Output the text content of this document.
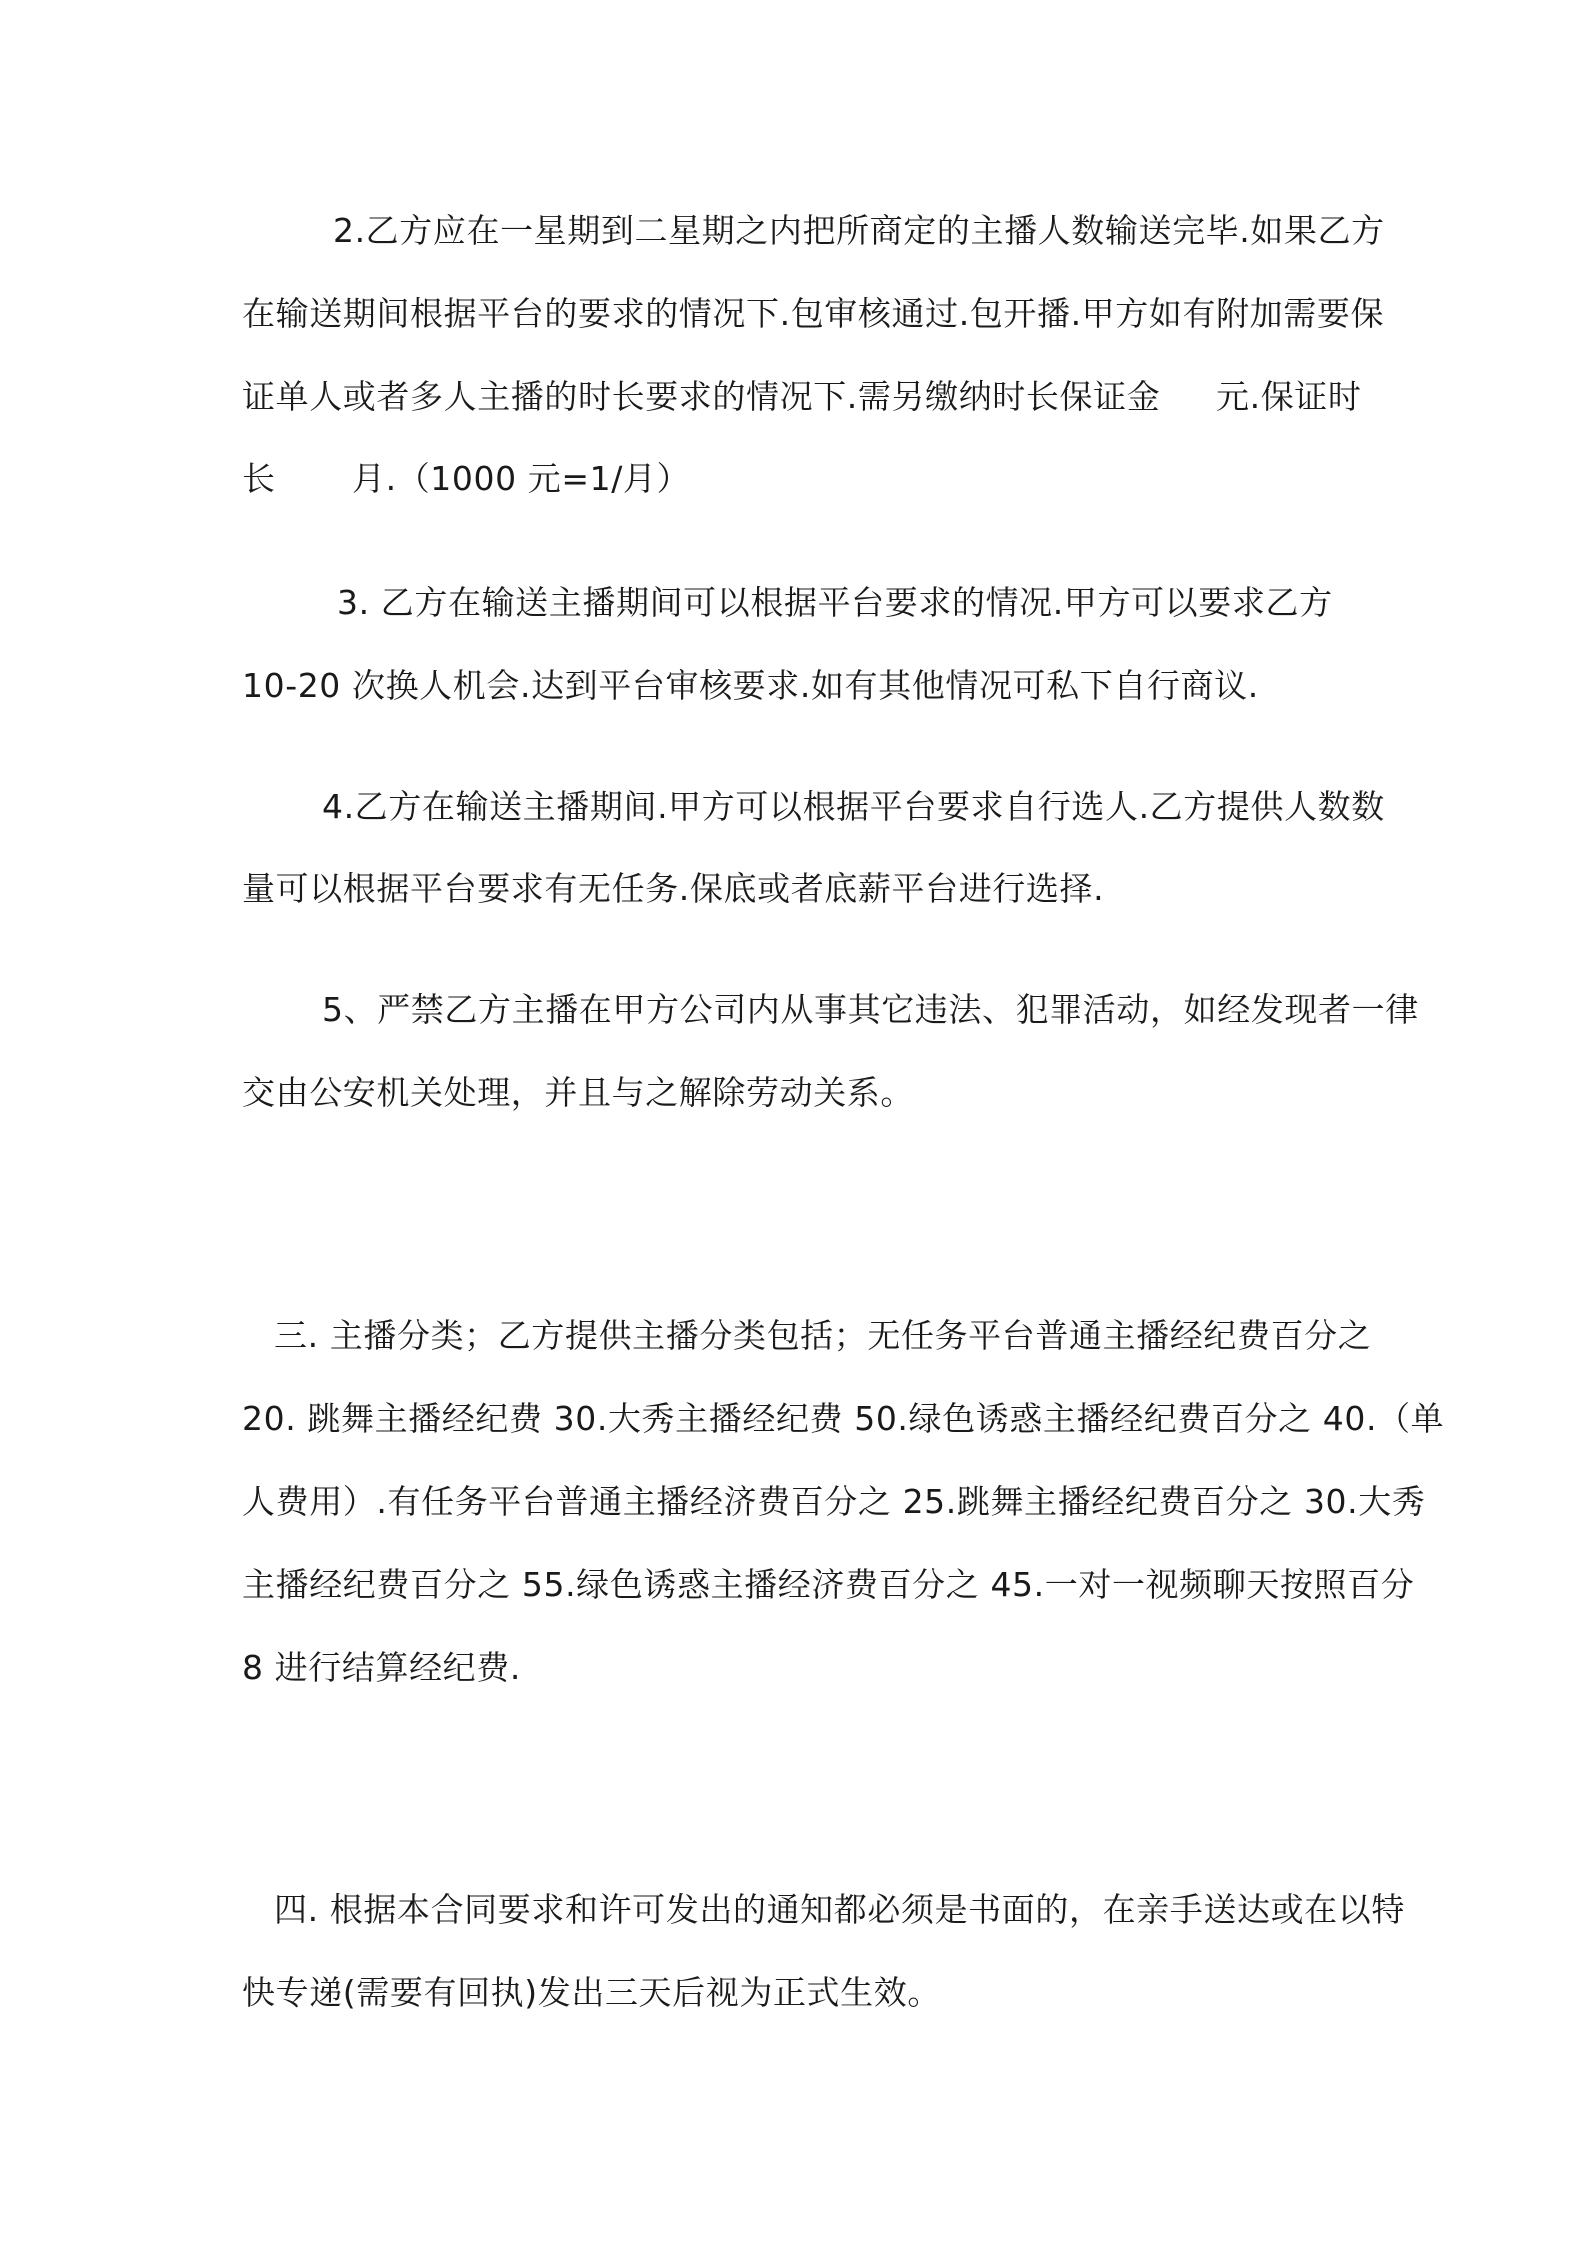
2.乙方应在一星期到二星期之内把所商定的主播人数输送完毕.如果乙方
在输送期间根据平台的要求的情况下.包审核通过.包开播.甲方如有附加需要保
证单人或者多人主播的时长要求的情况下.需另缴纳时长保证金 元.保证时
长 月.（1000 元=1/月）
3. 乙方在输送主播期间可以根据平台要求的情况.甲方可以要求乙方
10-20 次换人机会.达到平台审核要求.如有其他情况可私下自行商议.
4.乙方在输送主播期间.甲方可以根据平台要求自行选人.乙方提供人数数
量可以根据平台要求有无任务.保底或者底薪平台进行选择.
5、严禁乙方主播在甲方公司内从事其它违法、犯罪活动，如经发现者一律
交由公安机关处理，并且与之解除劳动关系。
三. 主播分类；乙方提供主播分类包括；无任务平台普通主播经纪费百分之
20. 跳舞主播经纪费 30.大秀主播经纪费 50.绿色诱惑主播经纪费百分之 40.（单
人费用）.有任务平台普通主播经济费百分之 25.跳舞主播经纪费百分之 30.大秀
主播经纪费百分之 55.绿色诱惑主播经济费百分之 45.一对一视频聊天按照百分
8 进行结算经纪费.
四. 根据本合同要求和许可发出的通知都必须是书面的，在亲手送达或在以特
快专递(需要有回执)发出三天后视为正式生效。
